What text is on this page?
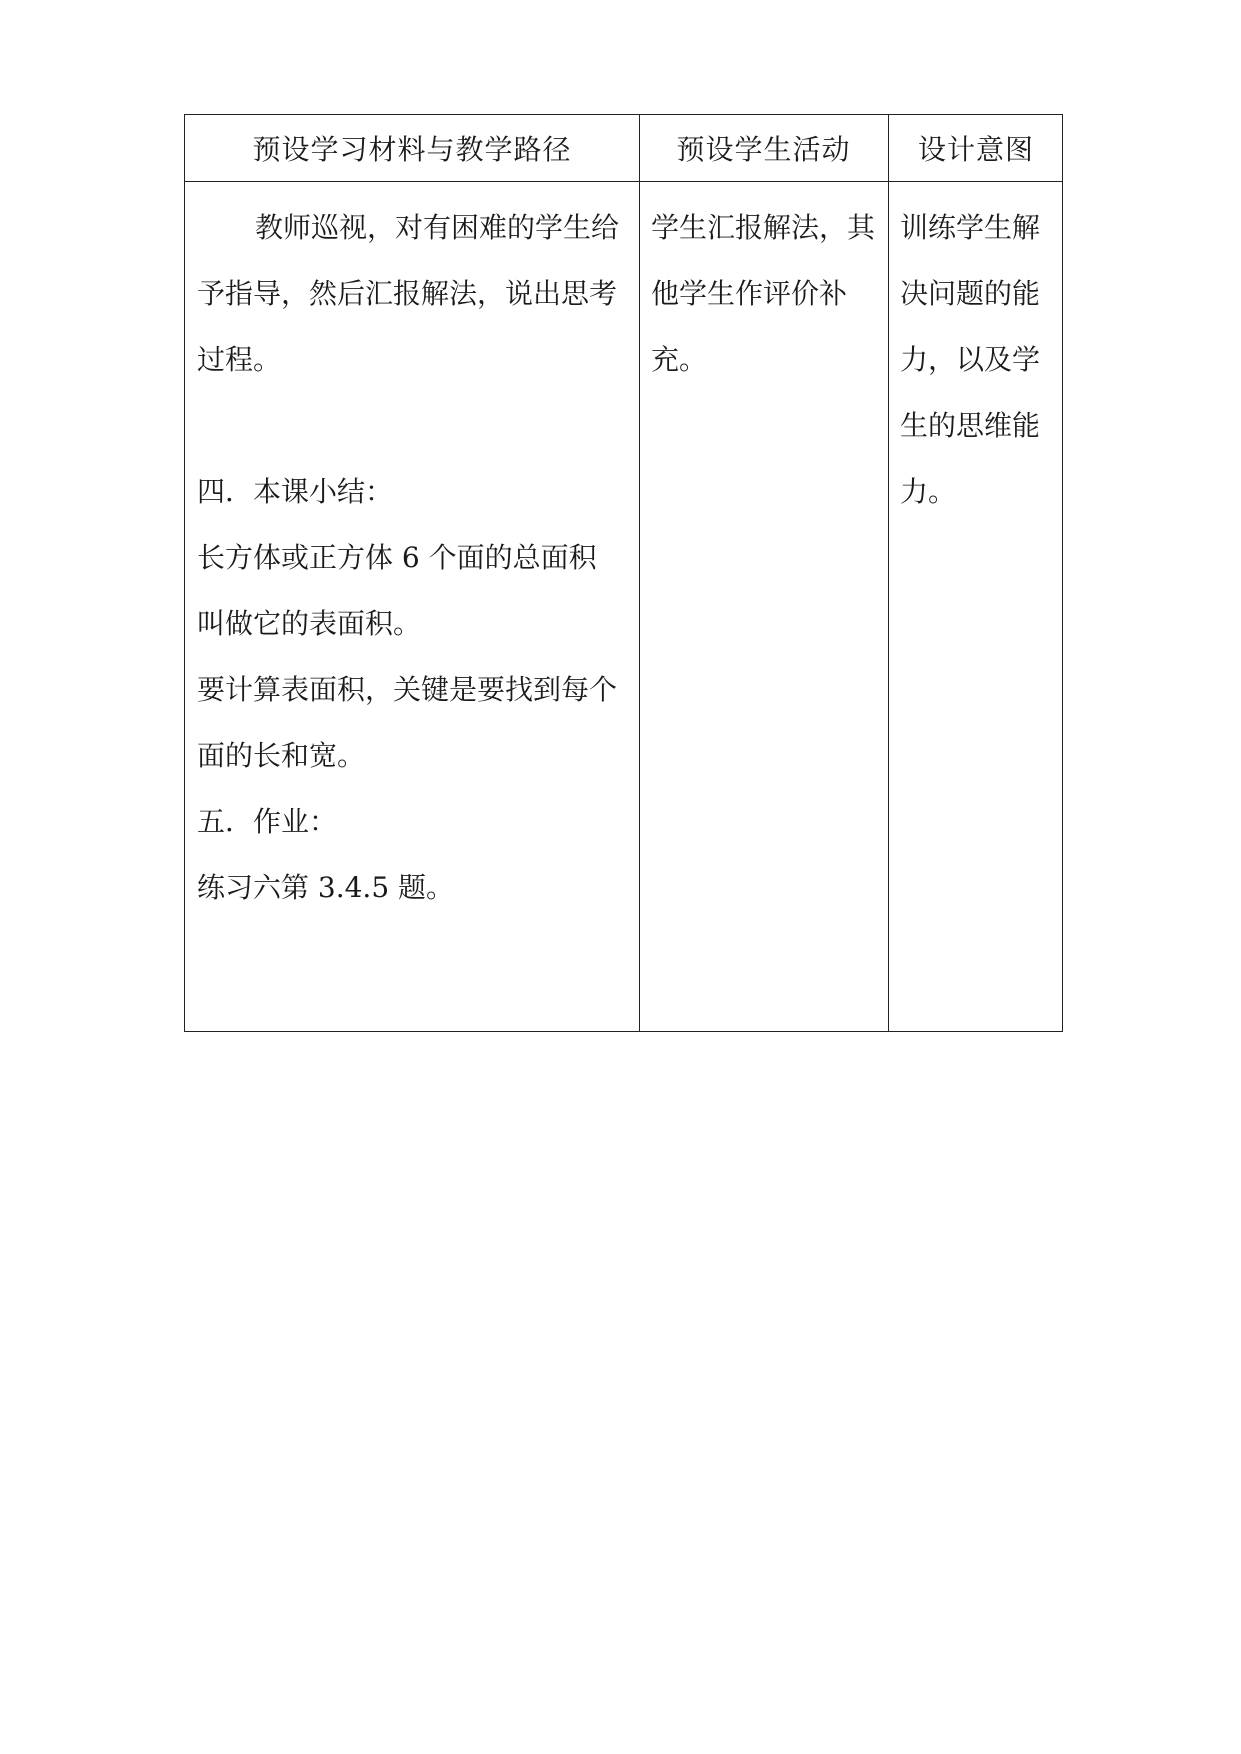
预设学习材料与教学路径	预设学生活动	设计意图
教师巡视，对有困难的学生给
予指导，然后汇报解法，说出思考
过程。
四．本课小结：
长方体或正方体 6 个面的总面积
叫做它的表面积。
要计算表面积，关键是要找到每个
面的长和宽。
五．作业：
练习六第 3.4.5 题。
学生汇报解法，其
他学生作评价补
充。
训练学生解
决问题的能
力，以及学
生的思维能
力。
